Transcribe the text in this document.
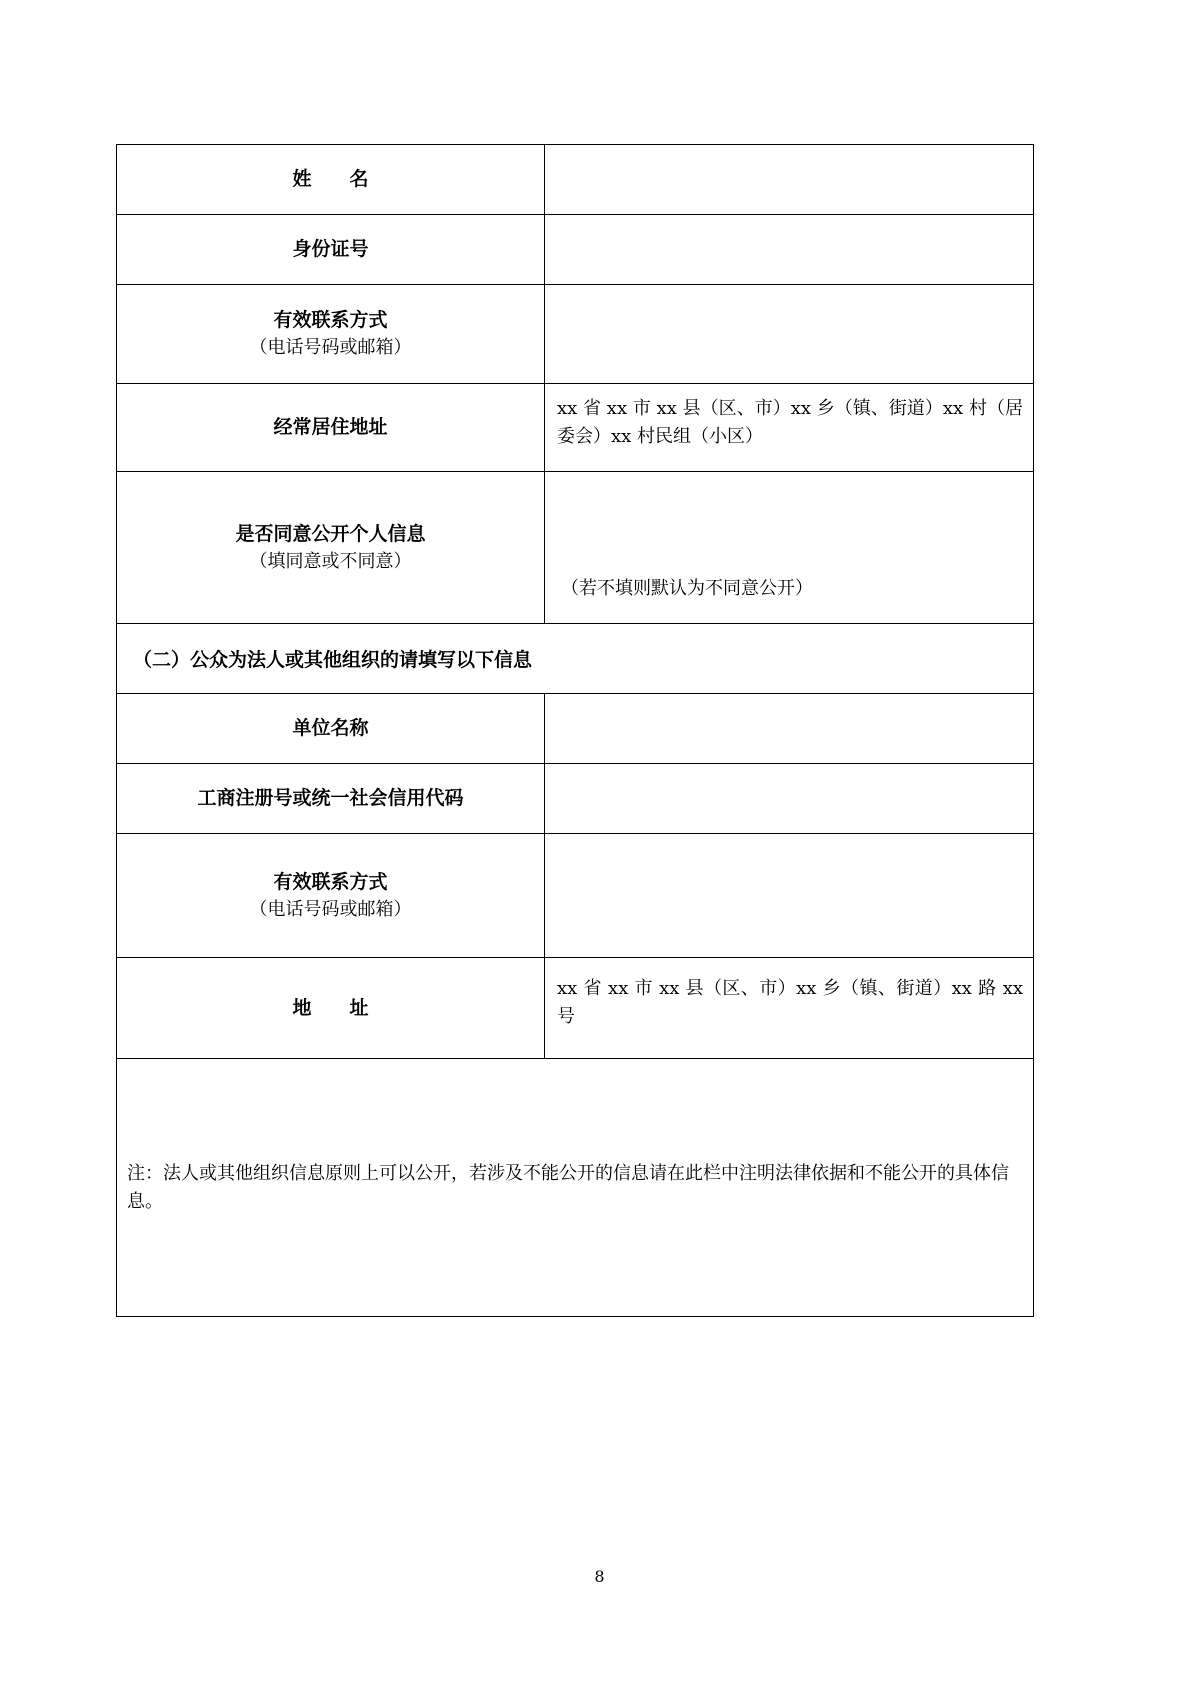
姓　　名	

身份证号	

有效联系方式
（电话号码或邮箱）	

经常居住地址	xx 省 xx 市 xx 县（区、市）xx 乡（镇、街道）xx 村（居委会）xx 村民组（小区）

是否同意公开个人信息
（填同意或不同意）	（若不填则默认为不同意公开）

（二）公众为法人或其他组织的请填写以下信息	

单位名称	

工商注册号或统一社会信用代码	

有效联系方式
（电话号码或邮箱）	

地　　址	xx 省 xx 市 xx 县（区、市）xx 乡（镇、街道）xx 路 xx 号

注：法人或其他组织信息原则上可以公开，若涉及不能公开的信息请在此栏中注明法律依据和不能公开的具体信息。	
8
